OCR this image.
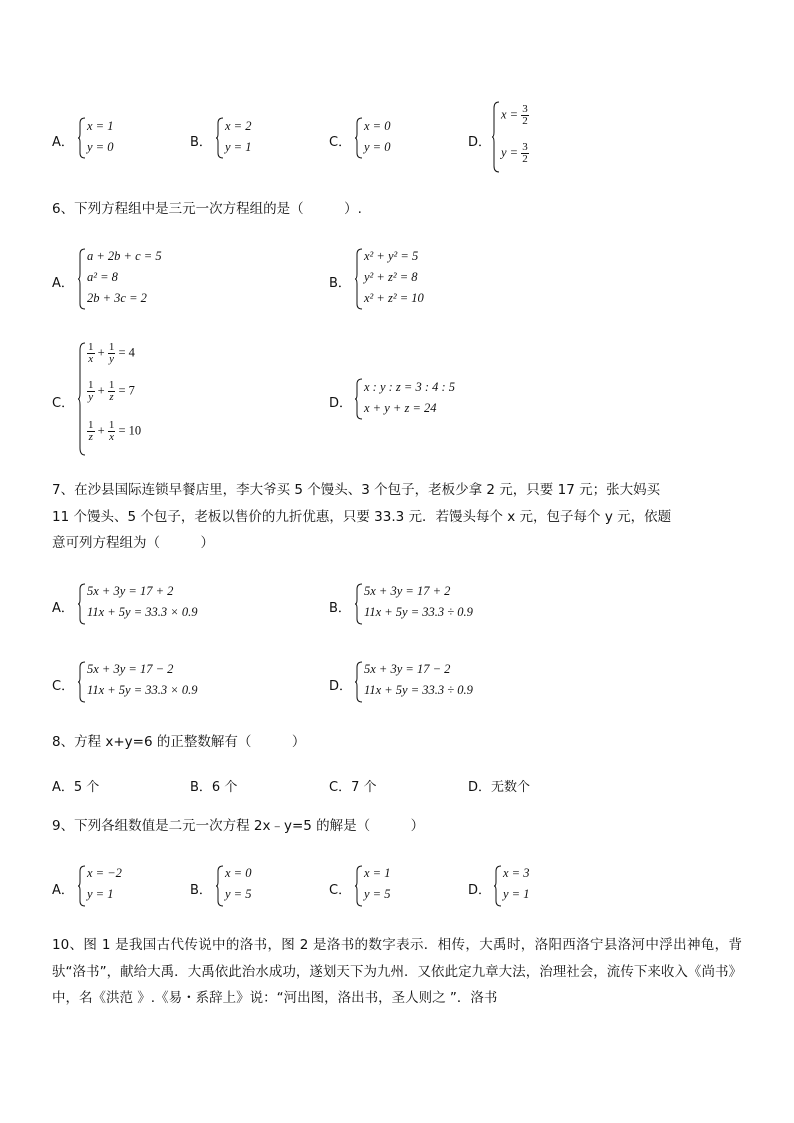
A．
x = 1
y = 0	B．
x = 2
y = 1	C．
x = 0
y = 0	D．
$x = \frac{3}{2}$
$y = \frac{3}{2}$
6、下列方程组中是三元一次方程组的是（　　　）.
A．
a + 2b + c = 5
a² = 8
2b + 3c = 2
B．
x² + y² = 5
y² + z² = 8
x² + z² = 10
C．
$\frac{1}{x} + \frac{1}{y} = 4$
$\frac{1}{y} + \frac{1}{z} = 7$
$\frac{1}{z} + \frac{1}{x} = 10$
D．
x : y : z = 3 : 4 : 5
x + y + z = 24
7、在沙县国际连锁早餐店里，李大爷买 5 个馒头、3 个包子，老板少拿 2 元，只要 17 元；张大妈买
11 个馒头、5 个包子，老板以售价的九折优惠，只要 33.3 元．若馒头每个 x 元，包子每个 y 元，依题
意可列方程组为（　　　）
A．
5x + 3y = 17 + 2
11x + 5y = 33.3 × 0.9	B．
5x + 3y = 17 + 2
11x + 5y = 33.3 ÷ 0.9
C．
5x + 3y = 17 − 2
11x + 5y = 33.3 × 0.9	D．
5x + 3y = 17 − 2
11x + 5y = 33.3 ÷ 0.9
8、方程 x+y=6 的正整数解有（　　　）
A．5 个	B．6 个	C．7 个	D．无数个
9、下列各组数值是二元一次方程 2x﹣y=5 的解是（　　　）
A．
x = −2
y = 1	B．
x = 0
y = 5	C．
x = 1
y = 5	D．
x = 3
y = 1
10、图 1 是我国古代传说中的洛书，图 2 是洛书的数字表示．相传，大禹时，洛阳西洛宁县洛河中浮出神龟，背驮“洛书”，献给大禹．大禹依此治水成功，遂划天下为九州．又依此定九章大法，治理社会，流传下来收入《尚书》中，名《洪范 》.《易・系辞上》说：“河出图，洛出书，圣人则之 ”．洛书
